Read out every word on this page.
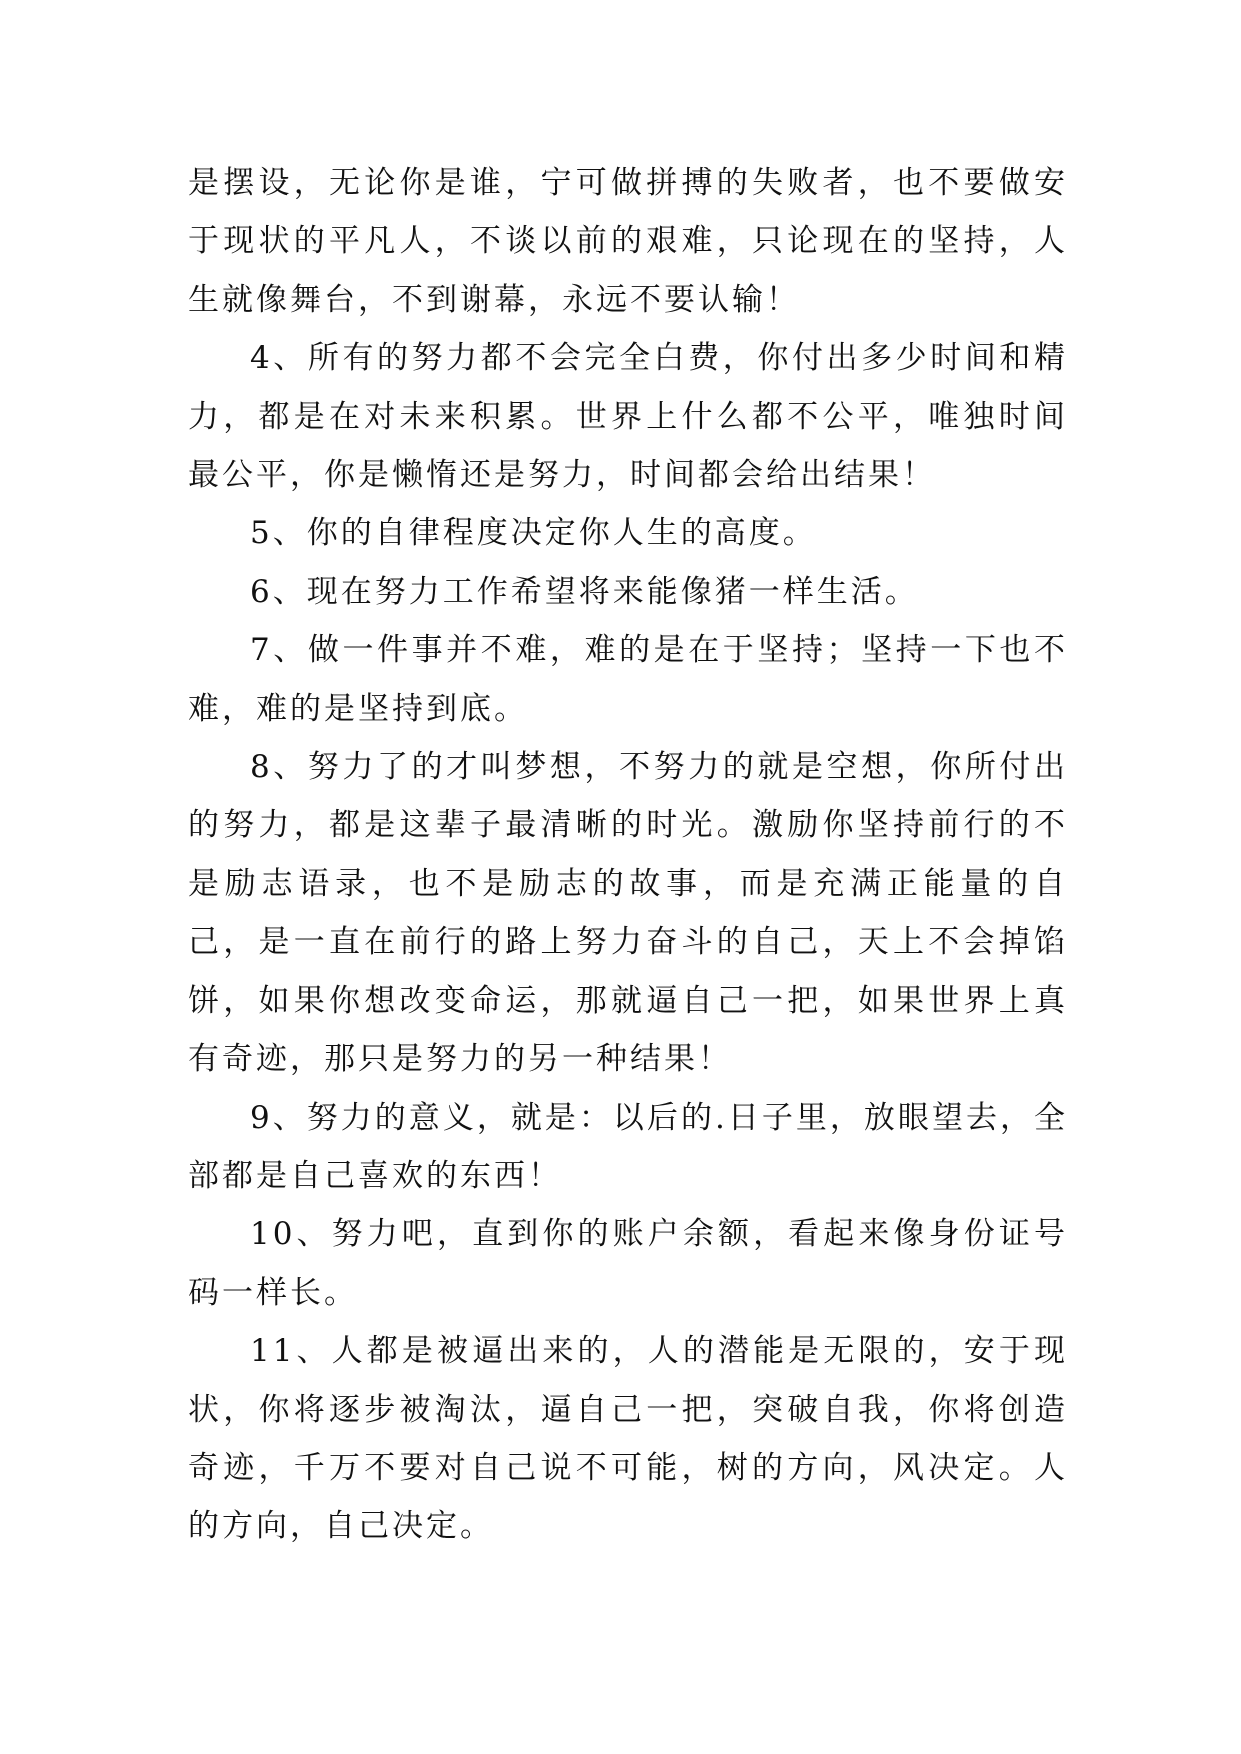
是摆设，无论你是谁，宁可做拼搏的失败者，也不要做安于现状的平凡人，不谈以前的艰难，只论现在的坚持，人生就像舞台，不到谢幕，永远不要认输！

4、所有的努力都不会完全白费，你付出多少时间和精力，都是在对未来积累。世界上什么都不公平，唯独时间最公平，你是懒惰还是努力，时间都会给出结果！

5、你的自律程度决定你人生的高度。

6、现在努力工作希望将来能像猪一样生活。

7、做一件事并不难，难的是在于坚持；坚持一下也不难，难的是坚持到底。

8、努力了的才叫梦想，不努力的就是空想，你所付出的努力，都是这辈子最清晰的时光。激励你坚持前行的不是励志语录，也不是励志的故事，而是充满正能量的自己，是一直在前行的路上努力奋斗的自己，天上不会掉馅饼，如果你想改变命运，那就逼自己一把，如果世界上真有奇迹，那只是努力的另一种结果！

9、努力的意义，就是：以后的.日子里，放眼望去，全部都是自己喜欢的东西！

10、努力吧，直到你的账户余额，看起来像身份证号码一样长。

11、人都是被逼出来的，人的潜能是无限的，安于现状，你将逐步被淘汰，逼自己一把，突破自我，你将创造奇迹，千万不要对自己说不可能，树的方向，风决定。人的方向，自己决定。
